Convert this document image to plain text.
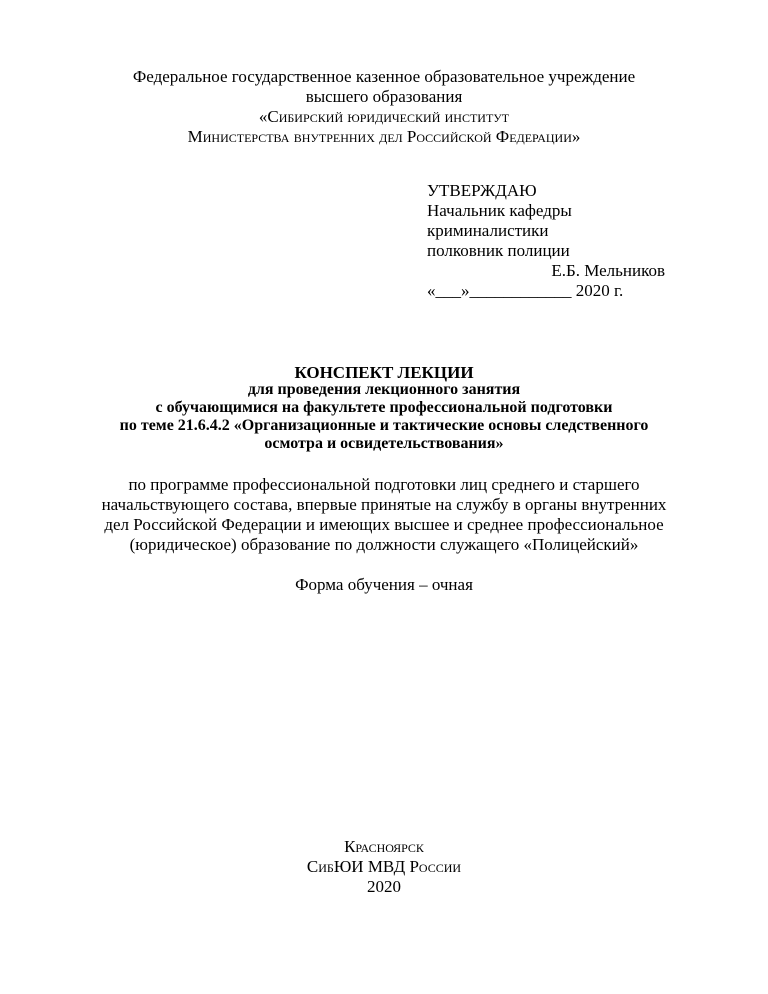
Федеральное государственное казенное образовательное учреждение
высшего образования
«Сибирский юридический институт
Министерства внутренних дел Российской Федерации»
УТВЕРЖДАЮ
Начальник кафедры
криминалистики
полковник полиции
Е.Б. Мельников
«___»____________ 2020 г.
КОНСПЕКТ ЛЕКЦИИ
для проведения лекционного занятия
с обучающимися на факультете профессиональной подготовки
по теме 21.6.4.2 «Организационные и тактические основы следственного
осмотра и освидетельствования»
по программе профессиональной подготовки лиц среднего и старшего
начальствующего состава, впервые принятые на службу в органы внутренних
дел Российской Федерации и имеющих высшее и среднее профессиональное
(юридическое) образование по должности служащего «Полицейский»
Форма обучения – очная
Красноярск
СибЮИ МВД России
2020
